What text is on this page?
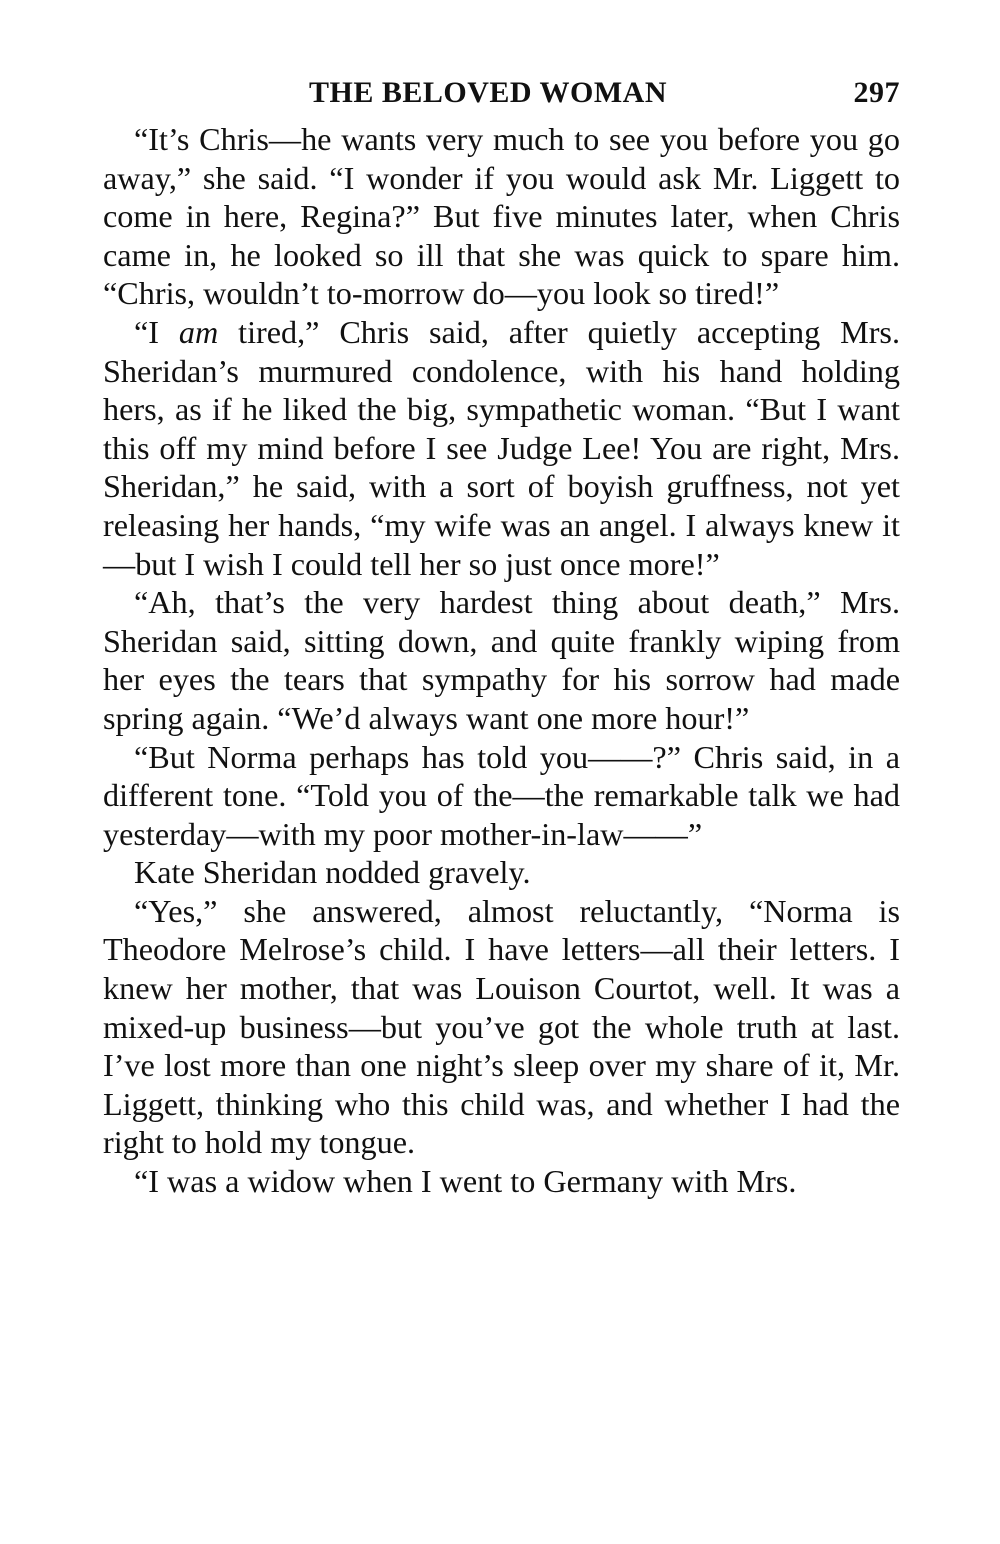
THE BELOVED WOMAN	297

“It’s Chris—he wants very much to see you before you go away,” she said. “I wonder if you would ask Mr. Liggett to come in here, Regina?” But five minutes later, when Chris came in, he looked so ill that she was quick to spare him. “Chris, wouldn’t to-morrow do—you look so tired!”

“I am tired,” Chris said, after quietly accepting Mrs. Sheridan’s murmured condolence, with his hand holding hers, as if he liked the big, sympathetic woman. “But I want this off my mind before I see Judge Lee! You are right, Mrs. Sheridan,” he said, with a sort of boyish gruffness, not yet releasing her hands, “my wife was an angel. I always knew it—but I wish I could tell her so just once more!”

“Ah, that’s the very hardest thing about death,” Mrs. Sheridan said, sitting down, and quite frankly wiping from her eyes the tears that sympathy for his sorrow had made spring again. “We’d always want one more hour!”

“But Norma perhaps has told you——?” Chris said, in a different tone. “Told you of the—the remarkable talk we had yesterday—with my poor mother-in-law——”

Kate Sheridan nodded gravely.

“Yes,” she answered, almost reluctantly, “Norma is Theodore Melrose’s child. I have letters—all their letters. I knew her mother, that was Louison Courtot, well. It was a mixed-up business—but you’ve got the whole truth at last. I’ve lost more than one night’s sleep over my share of it, Mr. Liggett, thinking who this child was, and whether I had the right to hold my tongue.

“I was a widow when I went to Germany with Mrs.
